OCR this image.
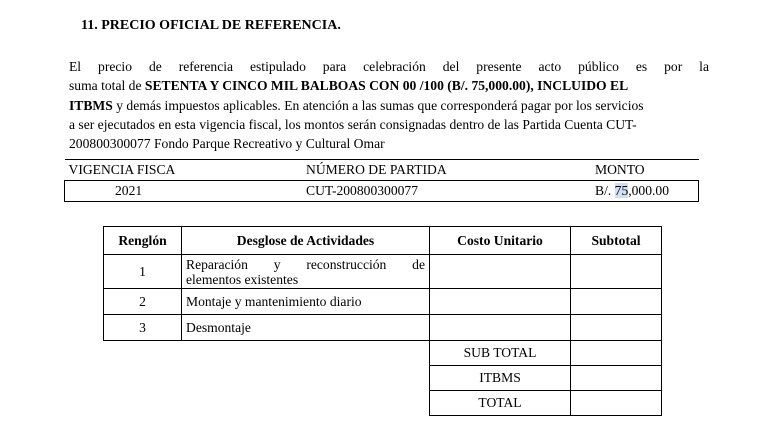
11. PRECIO OFICIAL DE REFERENCIA.
El precio de referencia estipulado para celebración del presente acto público es por la
suma total de SETENTA Y CINCO MIL BALBOAS CON 00 /100 (B/. 75,000.00), INCLUIDO EL
ITBMS y demás impuestos aplicables. En atención a las sumas que corresponderá pagar por los servicios
a ser ejecutados en esta vigencia fiscal, los montos serán consignadas dentro de las Partida Cuenta CUT-
200800300077 Fondo Parque Recreativo y Cultural Omar
VIGENCIA FISCA	NÚMERO DE PARTIDA	MONTO
2021	CUT-200800300077	B/. 75,000.00
Renglón	Desglose de Actividades	Costo Unitario	Subtotal
1	Reparación y reconstrucción de
elementos existentes		
2	Montaje y mantenimiento diario		
3	Desmontaje		
		SUB TOTAL	
		ITBMS	
		TOTAL	
